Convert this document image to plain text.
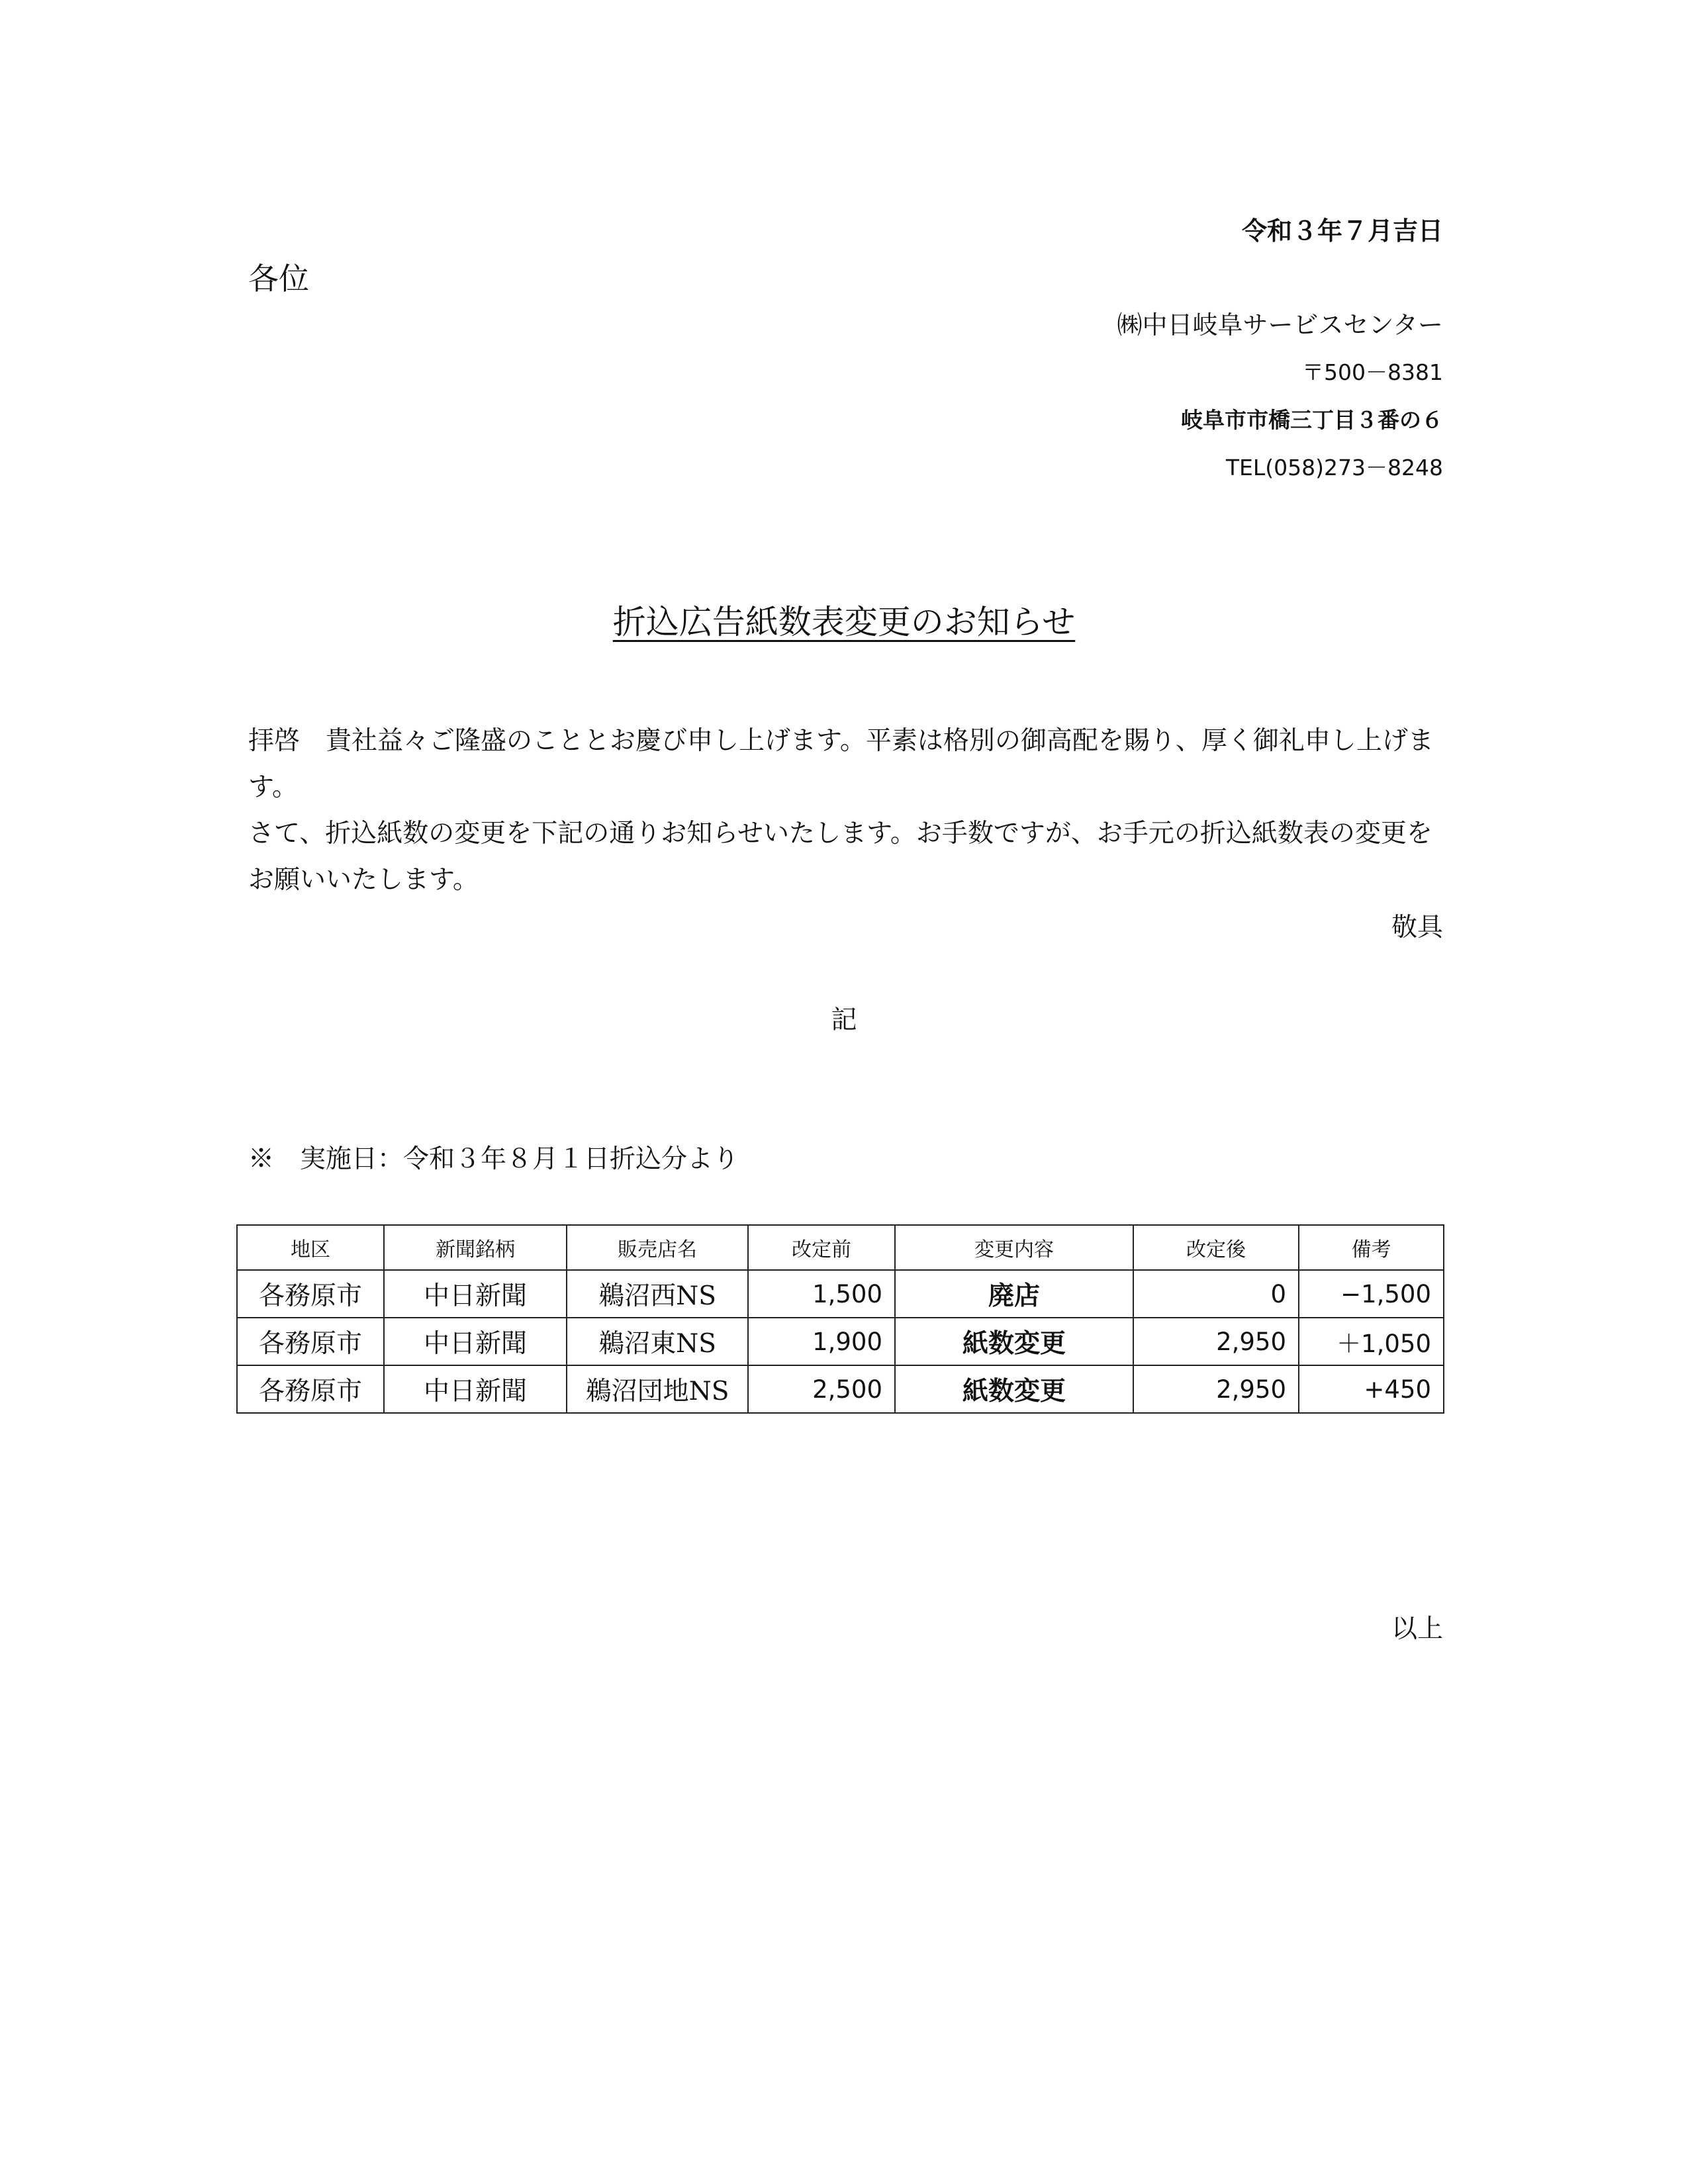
令和３年７月吉日
各位
㈱中日岐阜サービスセンター
〒500－8381
岐阜市市橋三丁目３番の６
TEL(058)273－8248
折込広告紙数表変更のお知らせ

拝啓　貴社益々ご隆盛のこととお慶び申し上げます。平素は格別の御高配を賜り、厚く御礼申し上げます。

さて、折込紙数の変更を下記の通りお知らせいたします。お手数ですが、お手元の折込紙数表の変更をお願いいたします。

敬具
記
※　実施日：令和３年８月１日折込分より
地区	新聞銘柄	販売店名	改定前	変更内容	改定後	備考
各務原市	中日新聞	鵜沼西NS	1,500	廃店	0	−1,500
各務原市	中日新聞	鵜沼東NS	1,900	紙数変更	2,950	＋1,050
各務原市	中日新聞	鵜沼団地NS	2,500	紙数変更	2,950	+450
以上
